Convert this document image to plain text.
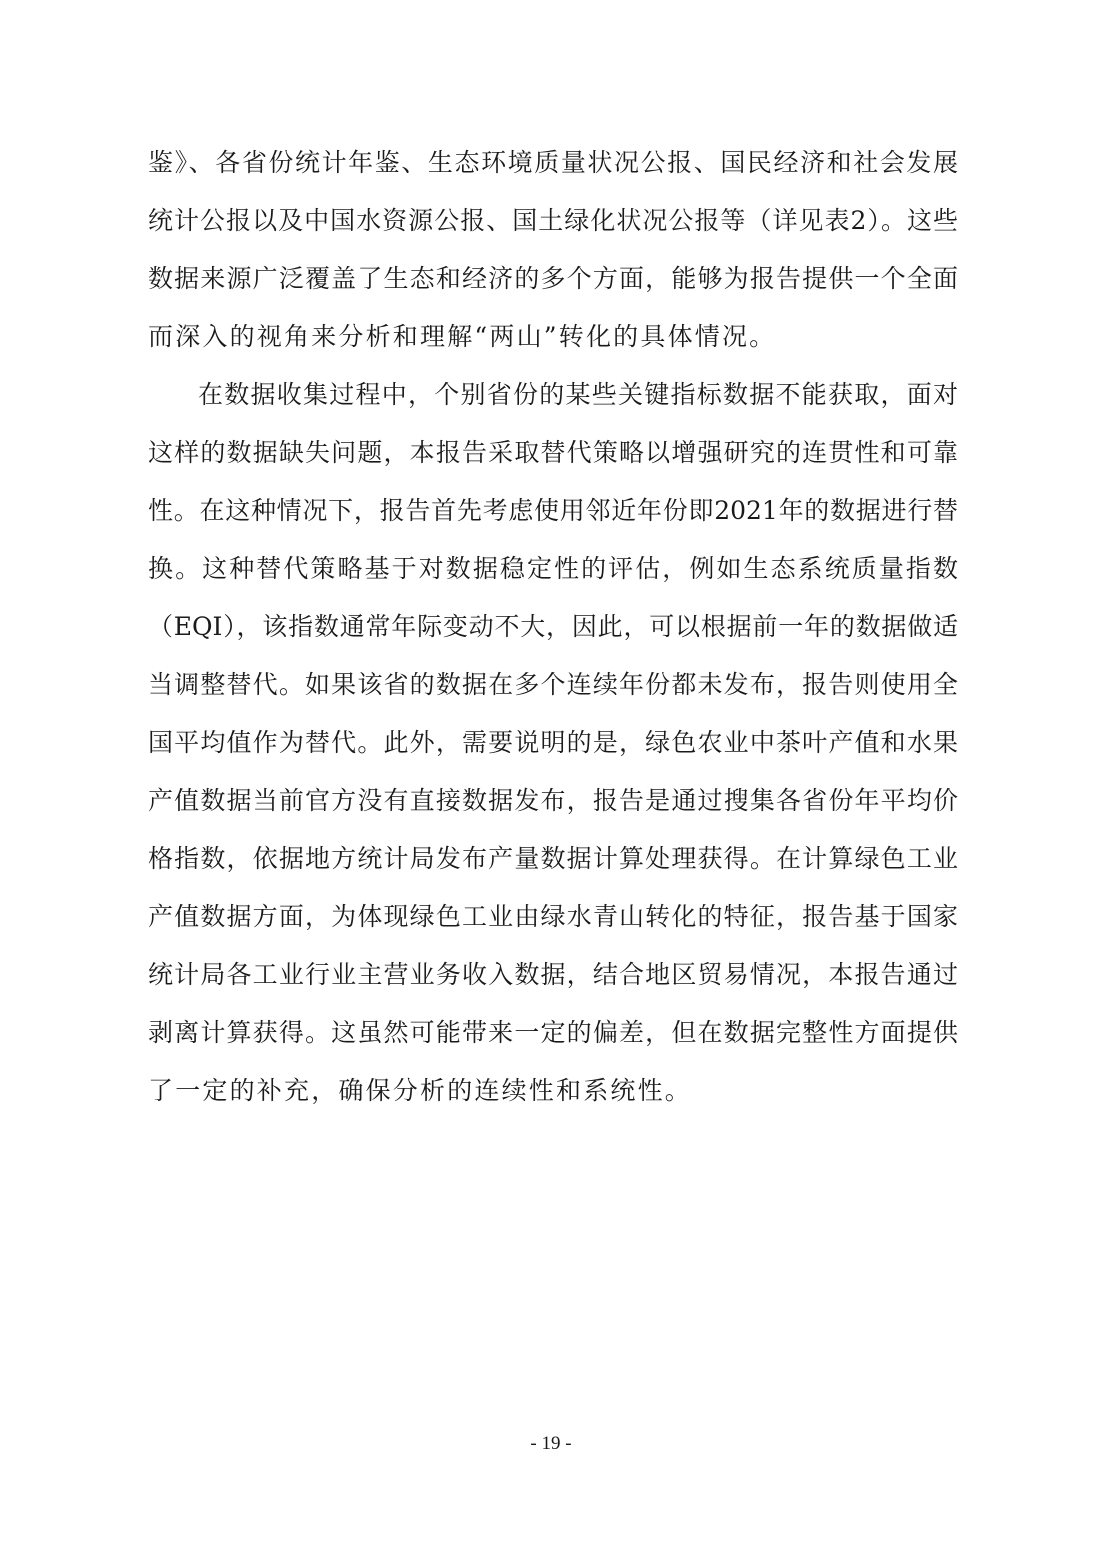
鉴》、各省份统计年鉴、生态环境质量状况公报、国民经济和社会发展
统计公报以及中国水资源公报、国土绿化状况公报等（详见表2）。这些
数据来源广泛覆盖了生态和经济的多个方面，能够为报告提供一个全面
而深入的视角来分析和理解“两山”转化的具体情况。
在数据收集过程中，个别省份的某些关键指标数据不能获取，面对
这样的数据缺失问题，本报告采取替代策略以增强研究的连贯性和可靠
性。在这种情况下，报告首先考虑使用邻近年份即2021年的数据进行替
换。这种替代策略基于对数据稳定性的评估，例如生态系统质量指数
（EQI），该指数通常年际变动不大，因此，可以根据前一年的数据做适
当调整替代。如果该省的数据在多个连续年份都未发布，报告则使用全
国平均值作为替代。此外，需要说明的是，绿色农业中茶叶产值和水果
产值数据当前官方没有直接数据发布，报告是通过搜集各省份年平均价
格指数，依据地方统计局发布产量数据计算处理获得。在计算绿色工业
产值数据方面，为体现绿色工业由绿水青山转化的特征，报告基于国家
统计局各工业行业主营业务收入数据，结合地区贸易情况，本报告通过
剥离计算获得。这虽然可能带来一定的偏差，但在数据完整性方面提供
了一定的补充，确保分析的连续性和系统性。
- 19 -
